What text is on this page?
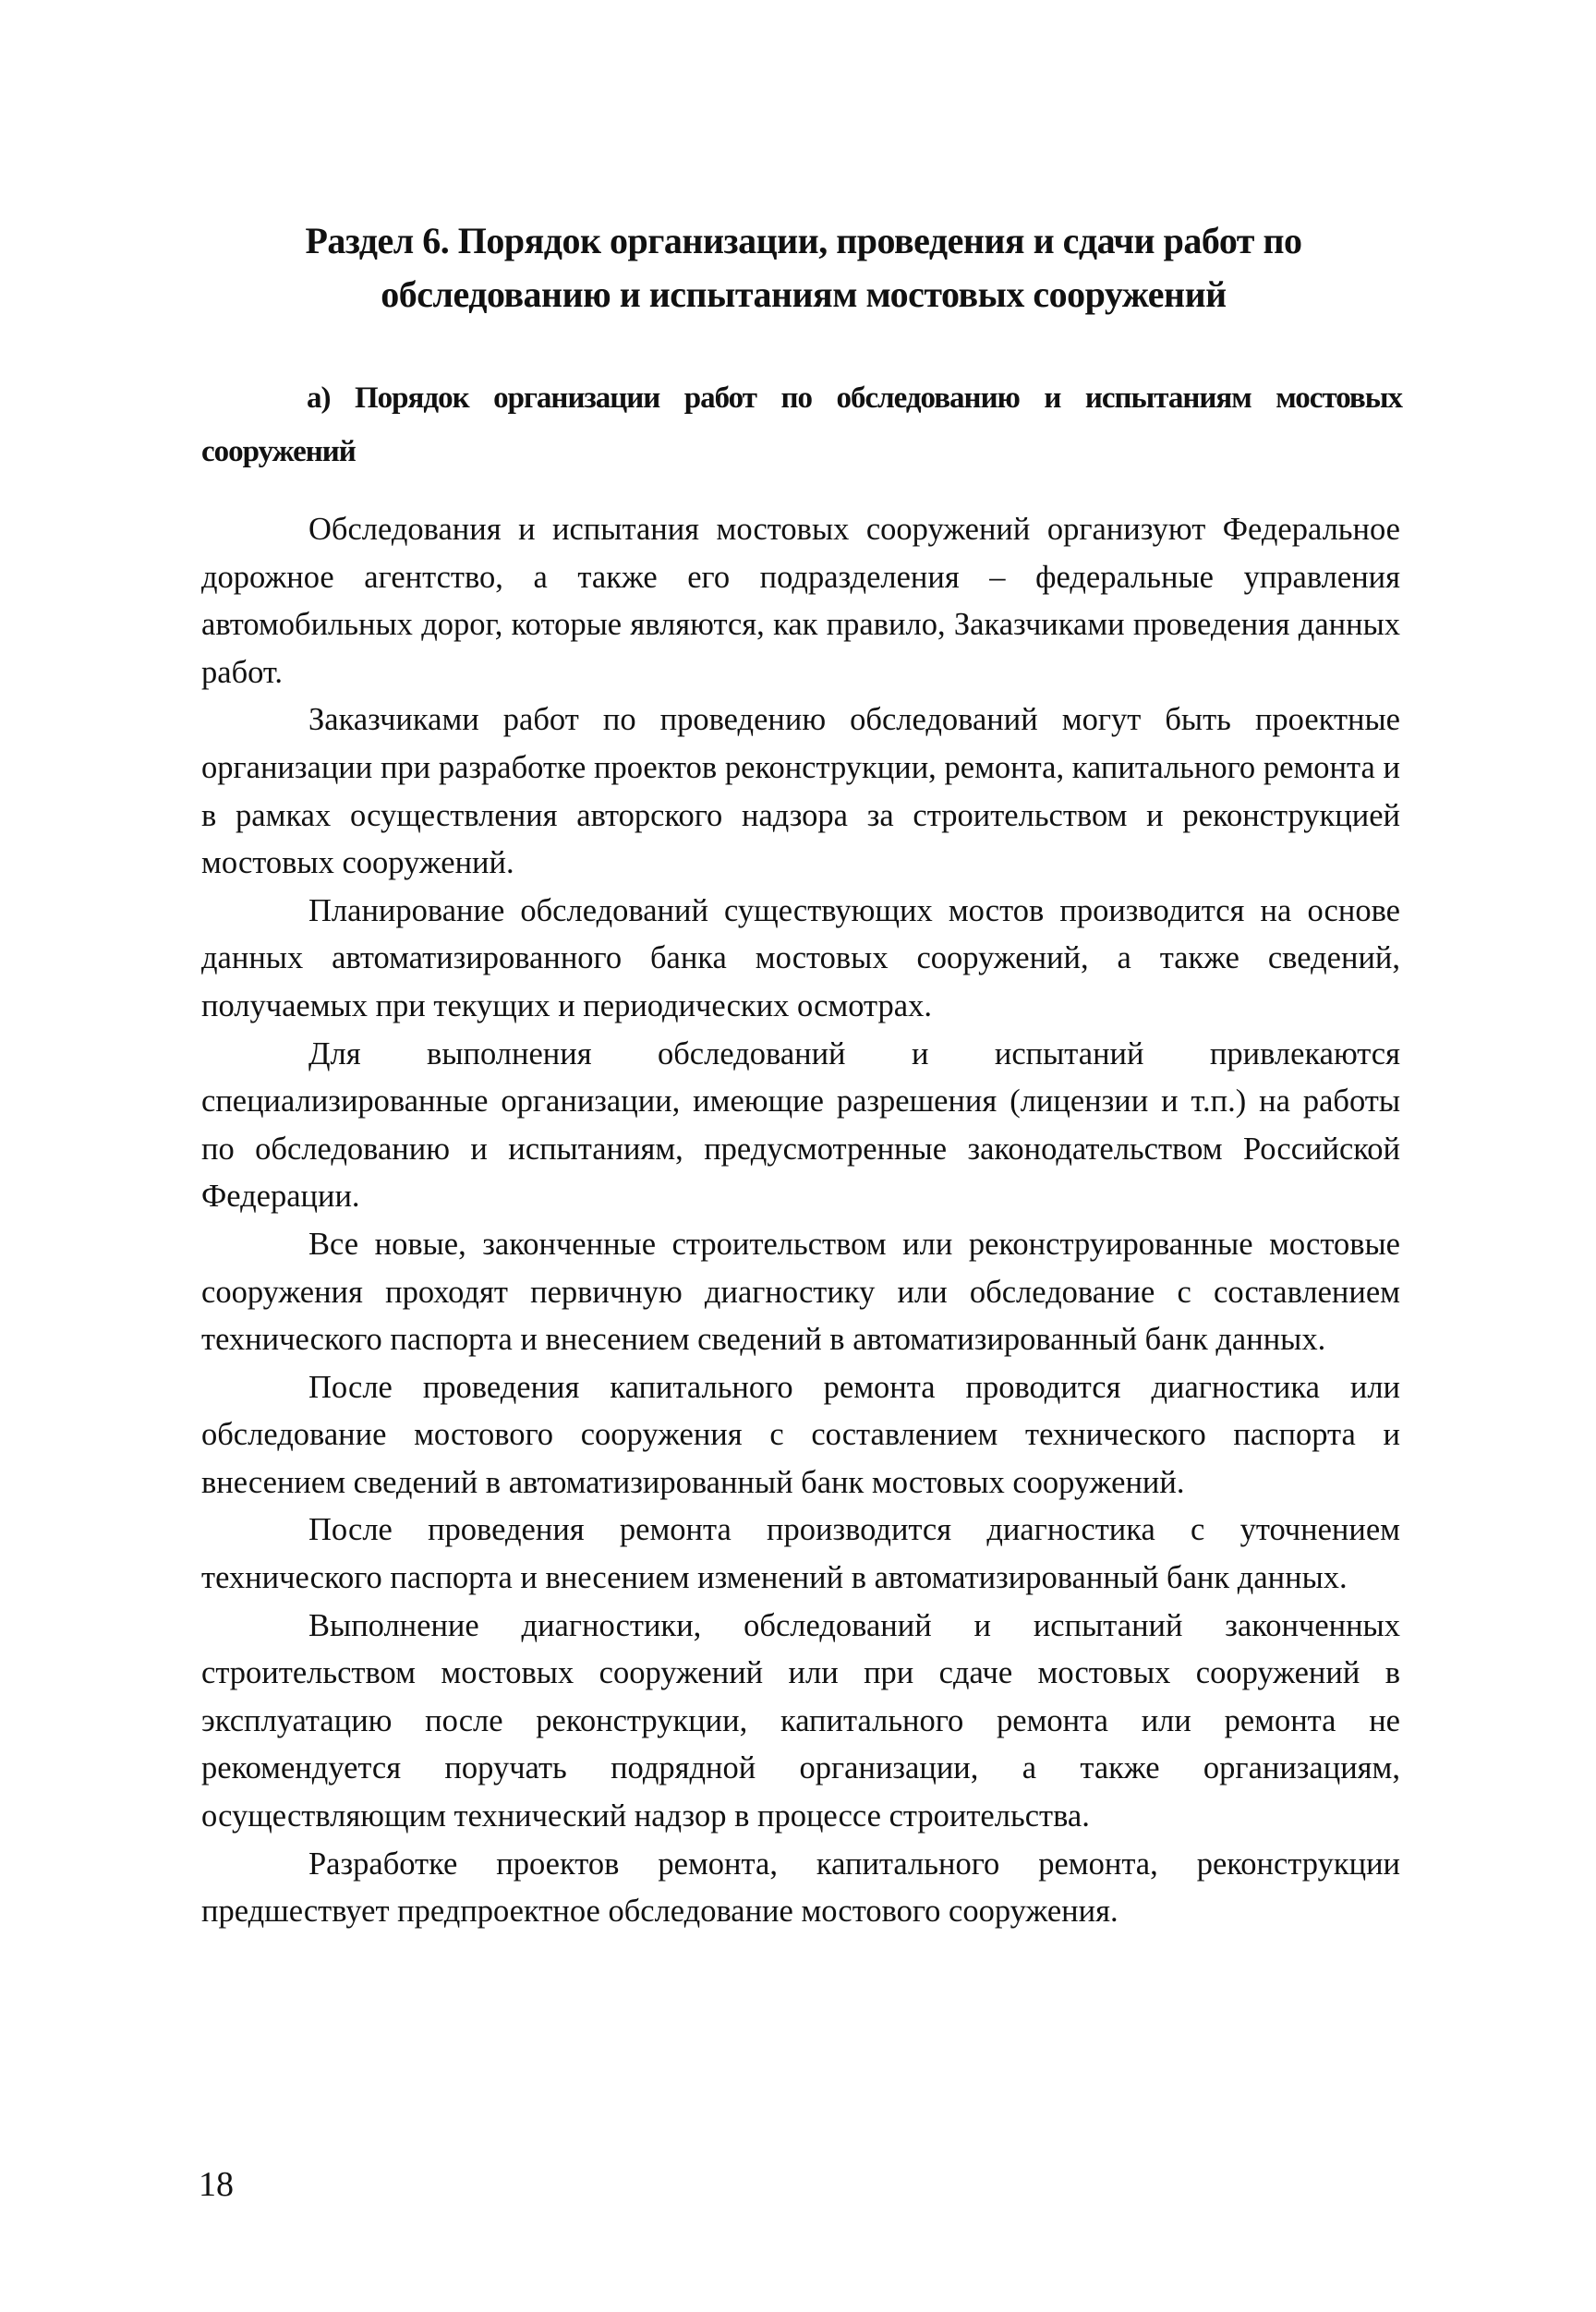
Раздел 6. Порядок организации, проведения и сдачи работ по обследованию и испытаниям мостовых сооружений
а) Порядок организации работ по обследованию и испытаниям мостовых сооружений

Обследования и испытания мостовых сооружений организуют Федеральное дорожное агентство, а также его подразделения – федеральные управления автомобильных дорог, которые являются, как правило, Заказчиками проведения данных работ.

Заказчиками работ по проведению обследований могут быть проектные организации при разработке проектов реконструкции, ремонта, капитального ремонта и в рамках осуществления авторского надзора за строительством и реконструкцией мостовых сооружений.

Планирование обследований существующих мостов производится на основе данных автоматизированного банка мостовых сооружений, а также сведений, получаемых при текущих и периодических осмотрах.

Для выполнения обследований и испытаний привлекаются специализированные организации, имеющие разрешения (лицензии и т.п.) на работы по обследованию и испытаниям, предусмотренные законодательством Российской Федерации.

Все новые, законченные строительством или реконструированные мостовые сооружения проходят первичную диагностику или обследование с составлением технического паспорта и внесением сведений в автоматизированный банк данных.

После проведения капитального ремонта проводится диагностика или обследование мостового сооружения с составлением технического паспорта и внесением сведений в автоматизированный банк мостовых сооружений.

После проведения ремонта производится диагностика с уточнением технического паспорта и внесением изменений в автоматизированный банк данных.

Выполнение диагностики, обследований и испытаний законченных строительством мостовых сооружений или при сдаче мостовых сооружений в эксплуатацию после реконструкции, капитального ремонта или ремонта не рекомендуется поручать подрядной организации, а также организациям, осуществляющим технический надзор в процессе строительства.

Разработке проектов ремонта, капитального ремонта, реконструкции предшествует предпроектное обследование мостового сооружения.

18
